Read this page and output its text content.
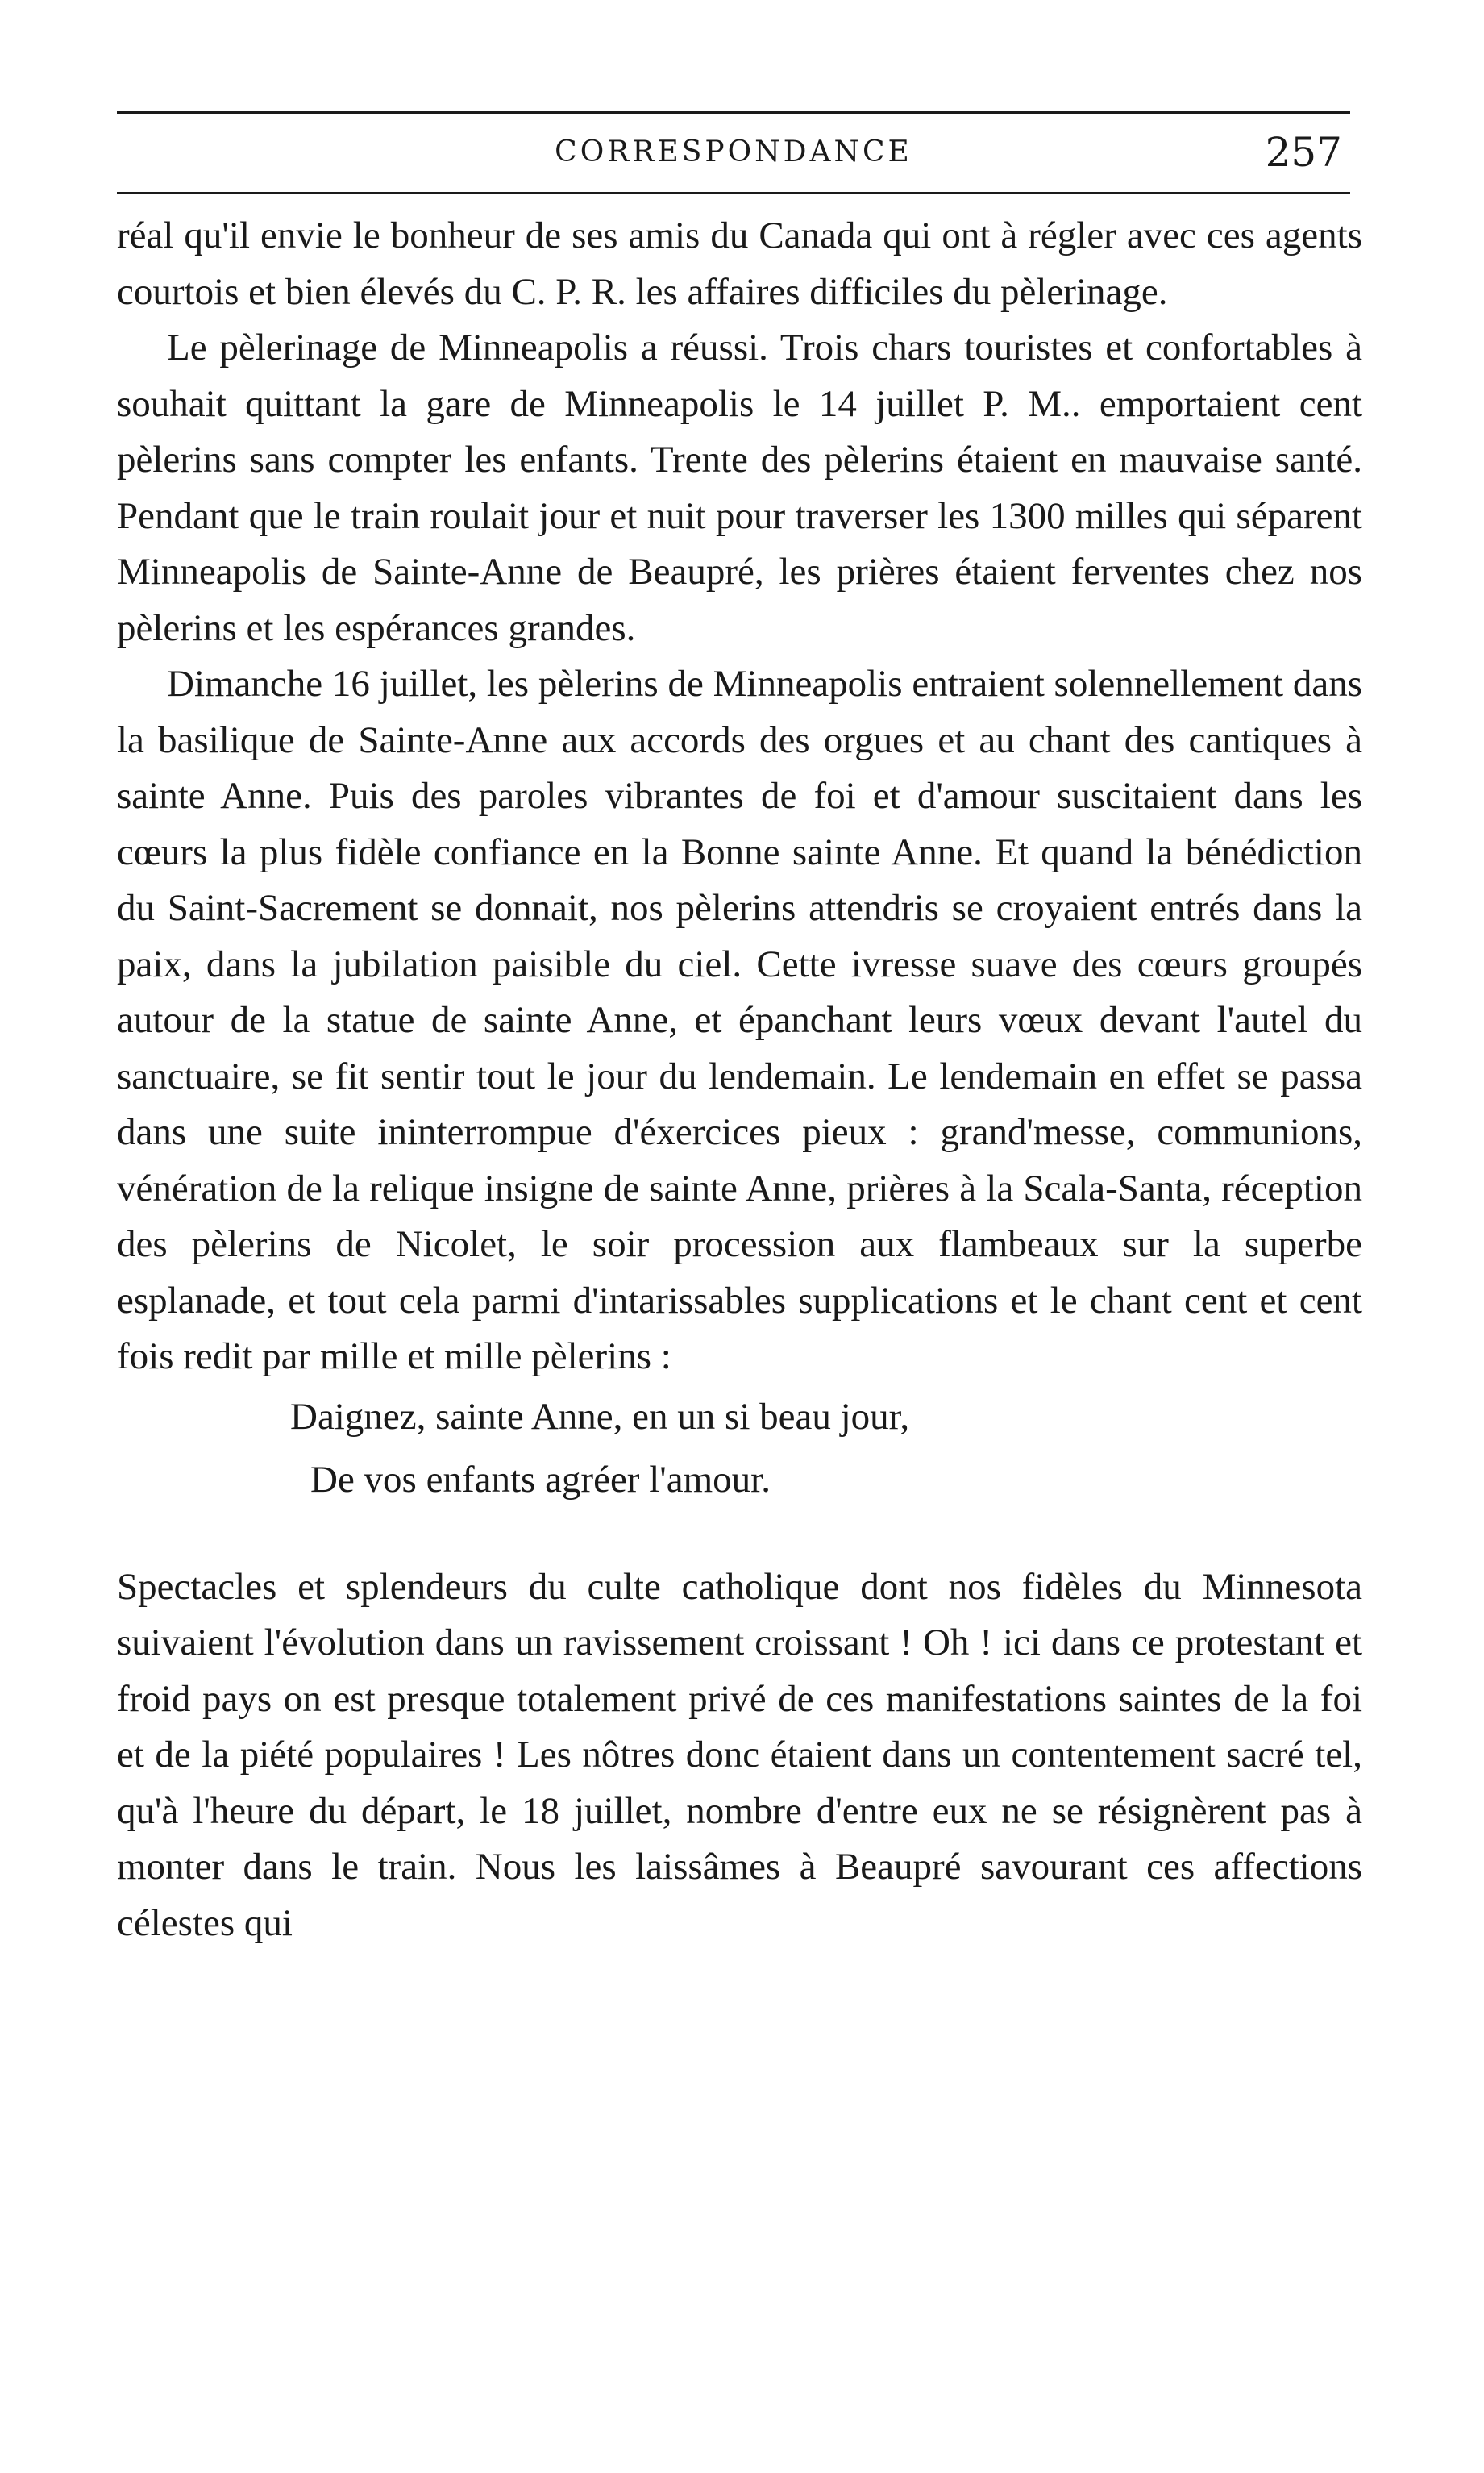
CORRESPONDANCE	257

réal qu'il envie le bonheur de ses amis du Canada qui ont à régler avec ces agents courtois et bien élevés du C. P. R. les affaires difficiles du pèlerinage.

Le pèlerinage de Minneapolis a réussi. Trois chars touristes et confortables à souhait quittant la gare de Minneapolis le 14 juillet P. M.. emportaient cent pèlerins sans compter les enfants. Trente des pèlerins étaient en mauvaise santé. Pendant que le train roulait jour et nuit pour traverser les 1300 milles qui séparent Minneapolis de Sainte-Anne de Beaupré, les prières étaient ferventes chez nos pèlerins et les espérances grandes.

Dimanche 16 juillet, les pèlerins de Minneapolis entraient solennellement dans la basilique de Sainte-Anne aux accords des orgues et au chant des cantiques à sainte Anne. Puis des paroles vibrantes de foi et d'amour suscitaient dans les cœurs la plus fidèle confiance en la Bonne sainte Anne. Et quand la bénédiction du Saint-Sacrement se donnait, nos pèlerins attendris se croyaient entrés dans la paix, dans la jubilation paisible du ciel. Cette ivresse suave des cœurs groupés autour de la statue de sainte Anne, et épanchant leurs vœux devant l'autel du sanctuaire, se fit sentir tout le jour du lendemain. Le lendemain en effet se passa dans une suite ininterrompue d'éxercices pieux : grand'messe, communions, vénération de la relique insigne de sainte Anne, prières à la Scala-Santa, réception des pèlerins de Nicolet, le soir procession aux flambeaux sur la superbe esplanade, et tout cela parmi d'intarissables supplications et le chant cent et cent fois redit par mille et mille pèlerins :

Daignez, sainte Anne, en un si beau jour,

De vos enfants agréer l'amour.

Spectacles et splendeurs du culte catholique dont nos fidèles du Minnesota suivaient l'évolution dans un ravissement croissant ! Oh ! ici dans ce protestant et froid pays on est presque totalement privé de ces manifestations saintes de la foi et de la piété populaires ! Les nôtres donc étaient dans un contentement sacré tel, qu'à l'heure du départ, le 18 juillet, nombre d'entre eux ne se résignèrent pas à monter dans le train. Nous les laissâmes à Beaupré savourant ces affections célestes qui
